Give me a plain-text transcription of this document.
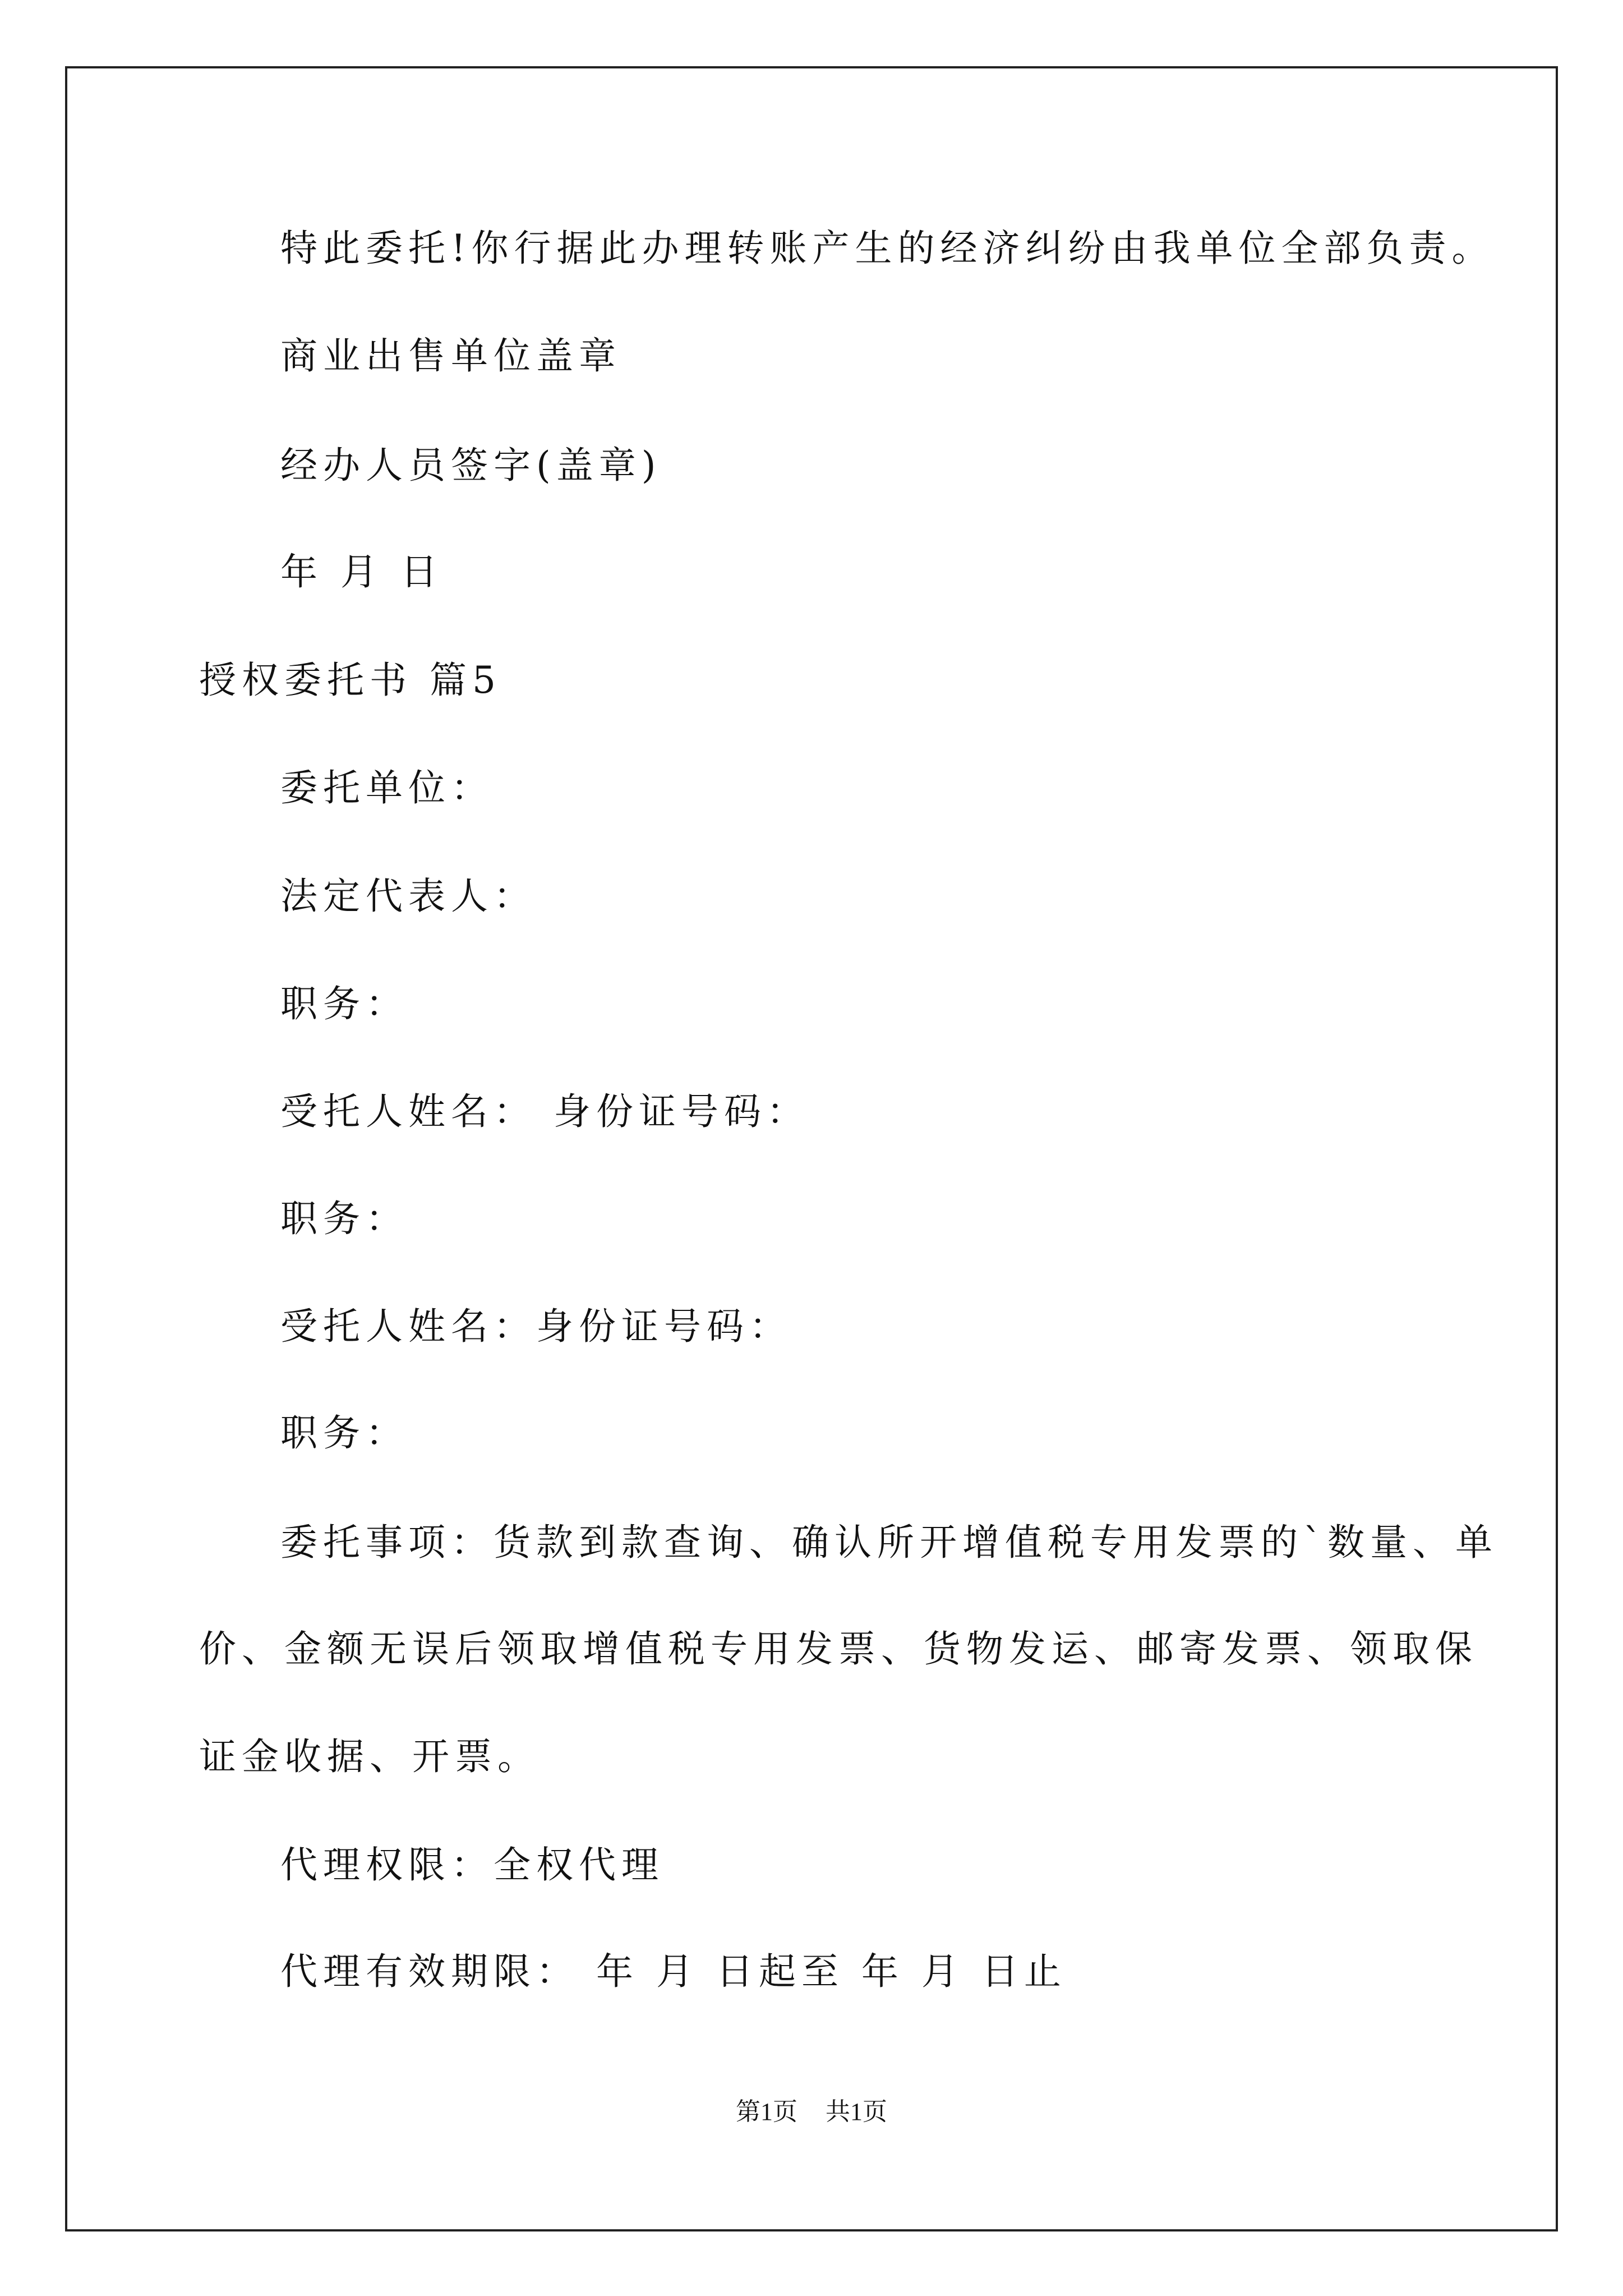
特此委托!你行据此办理转账产生的经济纠纷由我单位全部负责。
商业出售单位盖章
经办人员签字(盖章)
年 月 日
授权委托书 篇5
委托单位：
法定代表人：
职务：
受托人姓名： 身份证号码：
职务：
受托人姓名：身份证号码：
职务：
委托事项：货款到款查询、确认所开增值税专用发票的`数量、单
价、金额无误后领取增值税专用发票、货物发运、邮寄发票、领取保
证金收据、开票。
代理权限：全权代理
代理有效期限： 年 月 日起至 年 月 日止
第1页 共1页
